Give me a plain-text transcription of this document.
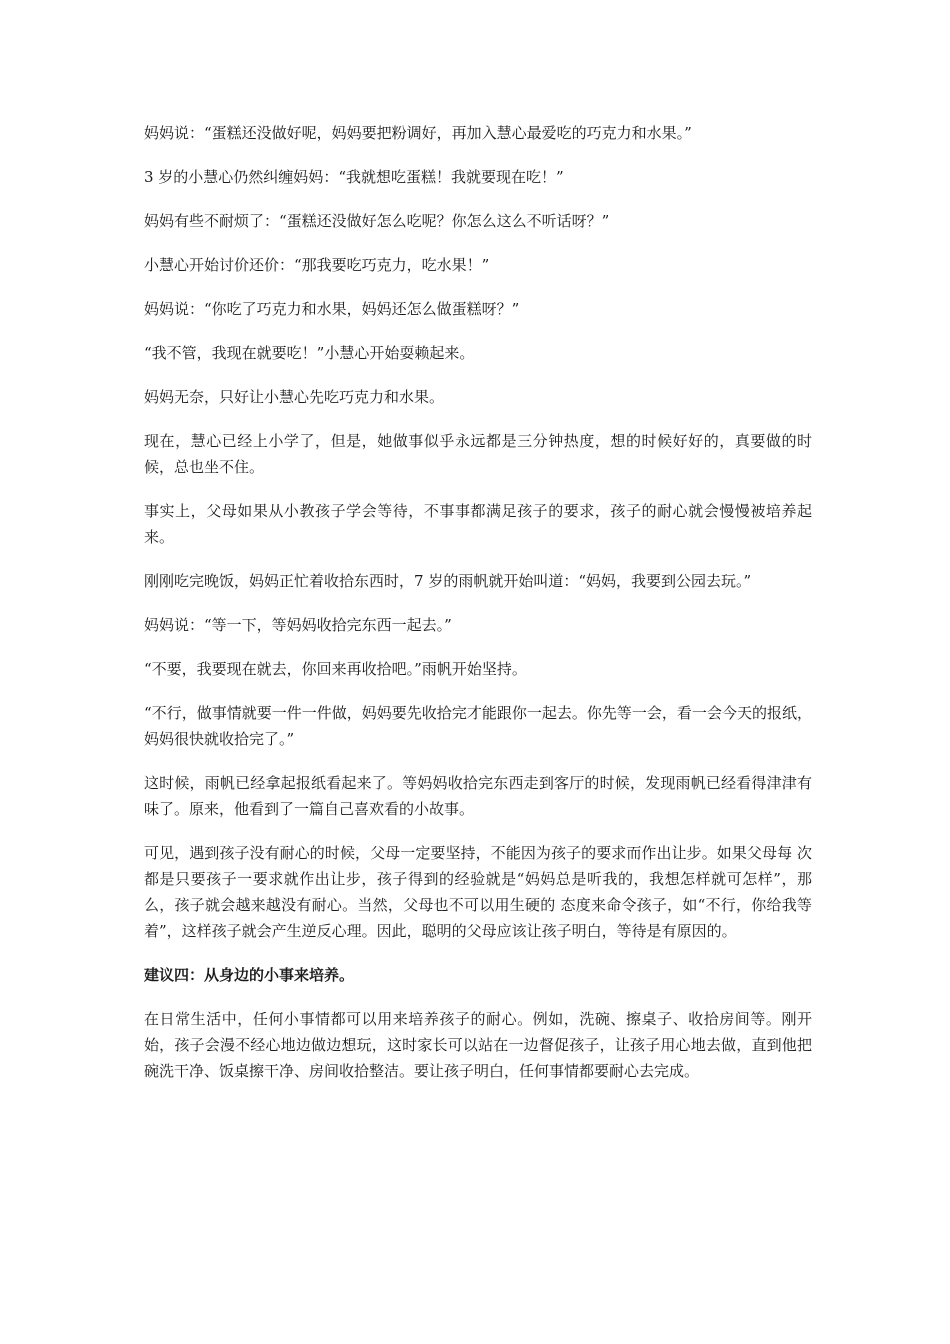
妈妈说：“蛋糕还没做好呢，妈妈要把粉调好，再加入慧心最爱吃的巧克力和水果。”

3 岁的小慧心仍然纠缠妈妈：“我就想吃蛋糕！我就要现在吃！”

妈妈有些不耐烦了：“蛋糕还没做好怎么吃呢？你怎么这么不听话呀？”

小慧心开始讨价还价：“那我要吃巧克力，吃水果！”

妈妈说：“你吃了巧克力和水果，妈妈还怎么做蛋糕呀？”

“我不管，我现在就要吃！”小慧心开始耍赖起来。

妈妈无奈，只好让小慧心先吃巧克力和水果。

现在，慧心已经上小学了，但是，她做事似乎永远都是三分钟热度，想的时候好好的，真要做的时候，总也坐不住。

事实上，父母如果从小教孩子学会等待，不事事都满足孩子的要求，孩子的耐心就会慢慢被培养起来。

刚刚吃完晚饭，妈妈正忙着收拾东西时，7 岁的雨帆就开始叫道：“妈妈，我要到公园去玩。”

妈妈说：“等一下，等妈妈收拾完东西一起去。”

“不要，我要现在就去，你回来再收拾吧。”雨帆开始坚持。

“不行，做事情就要一件一件做，妈妈要先收拾完才能跟你一起去。你先等一会，看一会今天的报纸，妈妈很快就收拾完了。”

这时候，雨帆已经拿起报纸看起来了。等妈妈收拾完东西走到客厅的时候，发现雨帆已经看得津津有味了。原来，他看到了一篇自己喜欢看的小故事。

可见，遇到孩子没有耐心的时候，父母一定要坚持，不能因为孩子的要求而作出让步。如果父母每 次都是只要孩子一要求就作出让步，孩子得到的经验就是“妈妈总是听我的，我想怎样就可怎样”，那么，孩子就会越来越没有耐心。当然，父母也不可以用生硬的 态度来命令孩子，如“不行，你给我等着”，这样孩子就会产生逆反心理。因此，聪明的父母应该让孩子明白，等待是有原因的。

建议四：从身边的小事来培养。

在日常生活中，任何小事情都可以用来培养孩子的耐心。例如，洗碗、擦桌子、收拾房间等。刚开始，孩子会漫不经心地边做边想玩，这时家长可以站在一边督促孩子，让孩子用心地去做，直到他把碗洗干净、饭桌擦干净、房间收拾整洁。要让孩子明白，任何事情都要耐心去完成。
